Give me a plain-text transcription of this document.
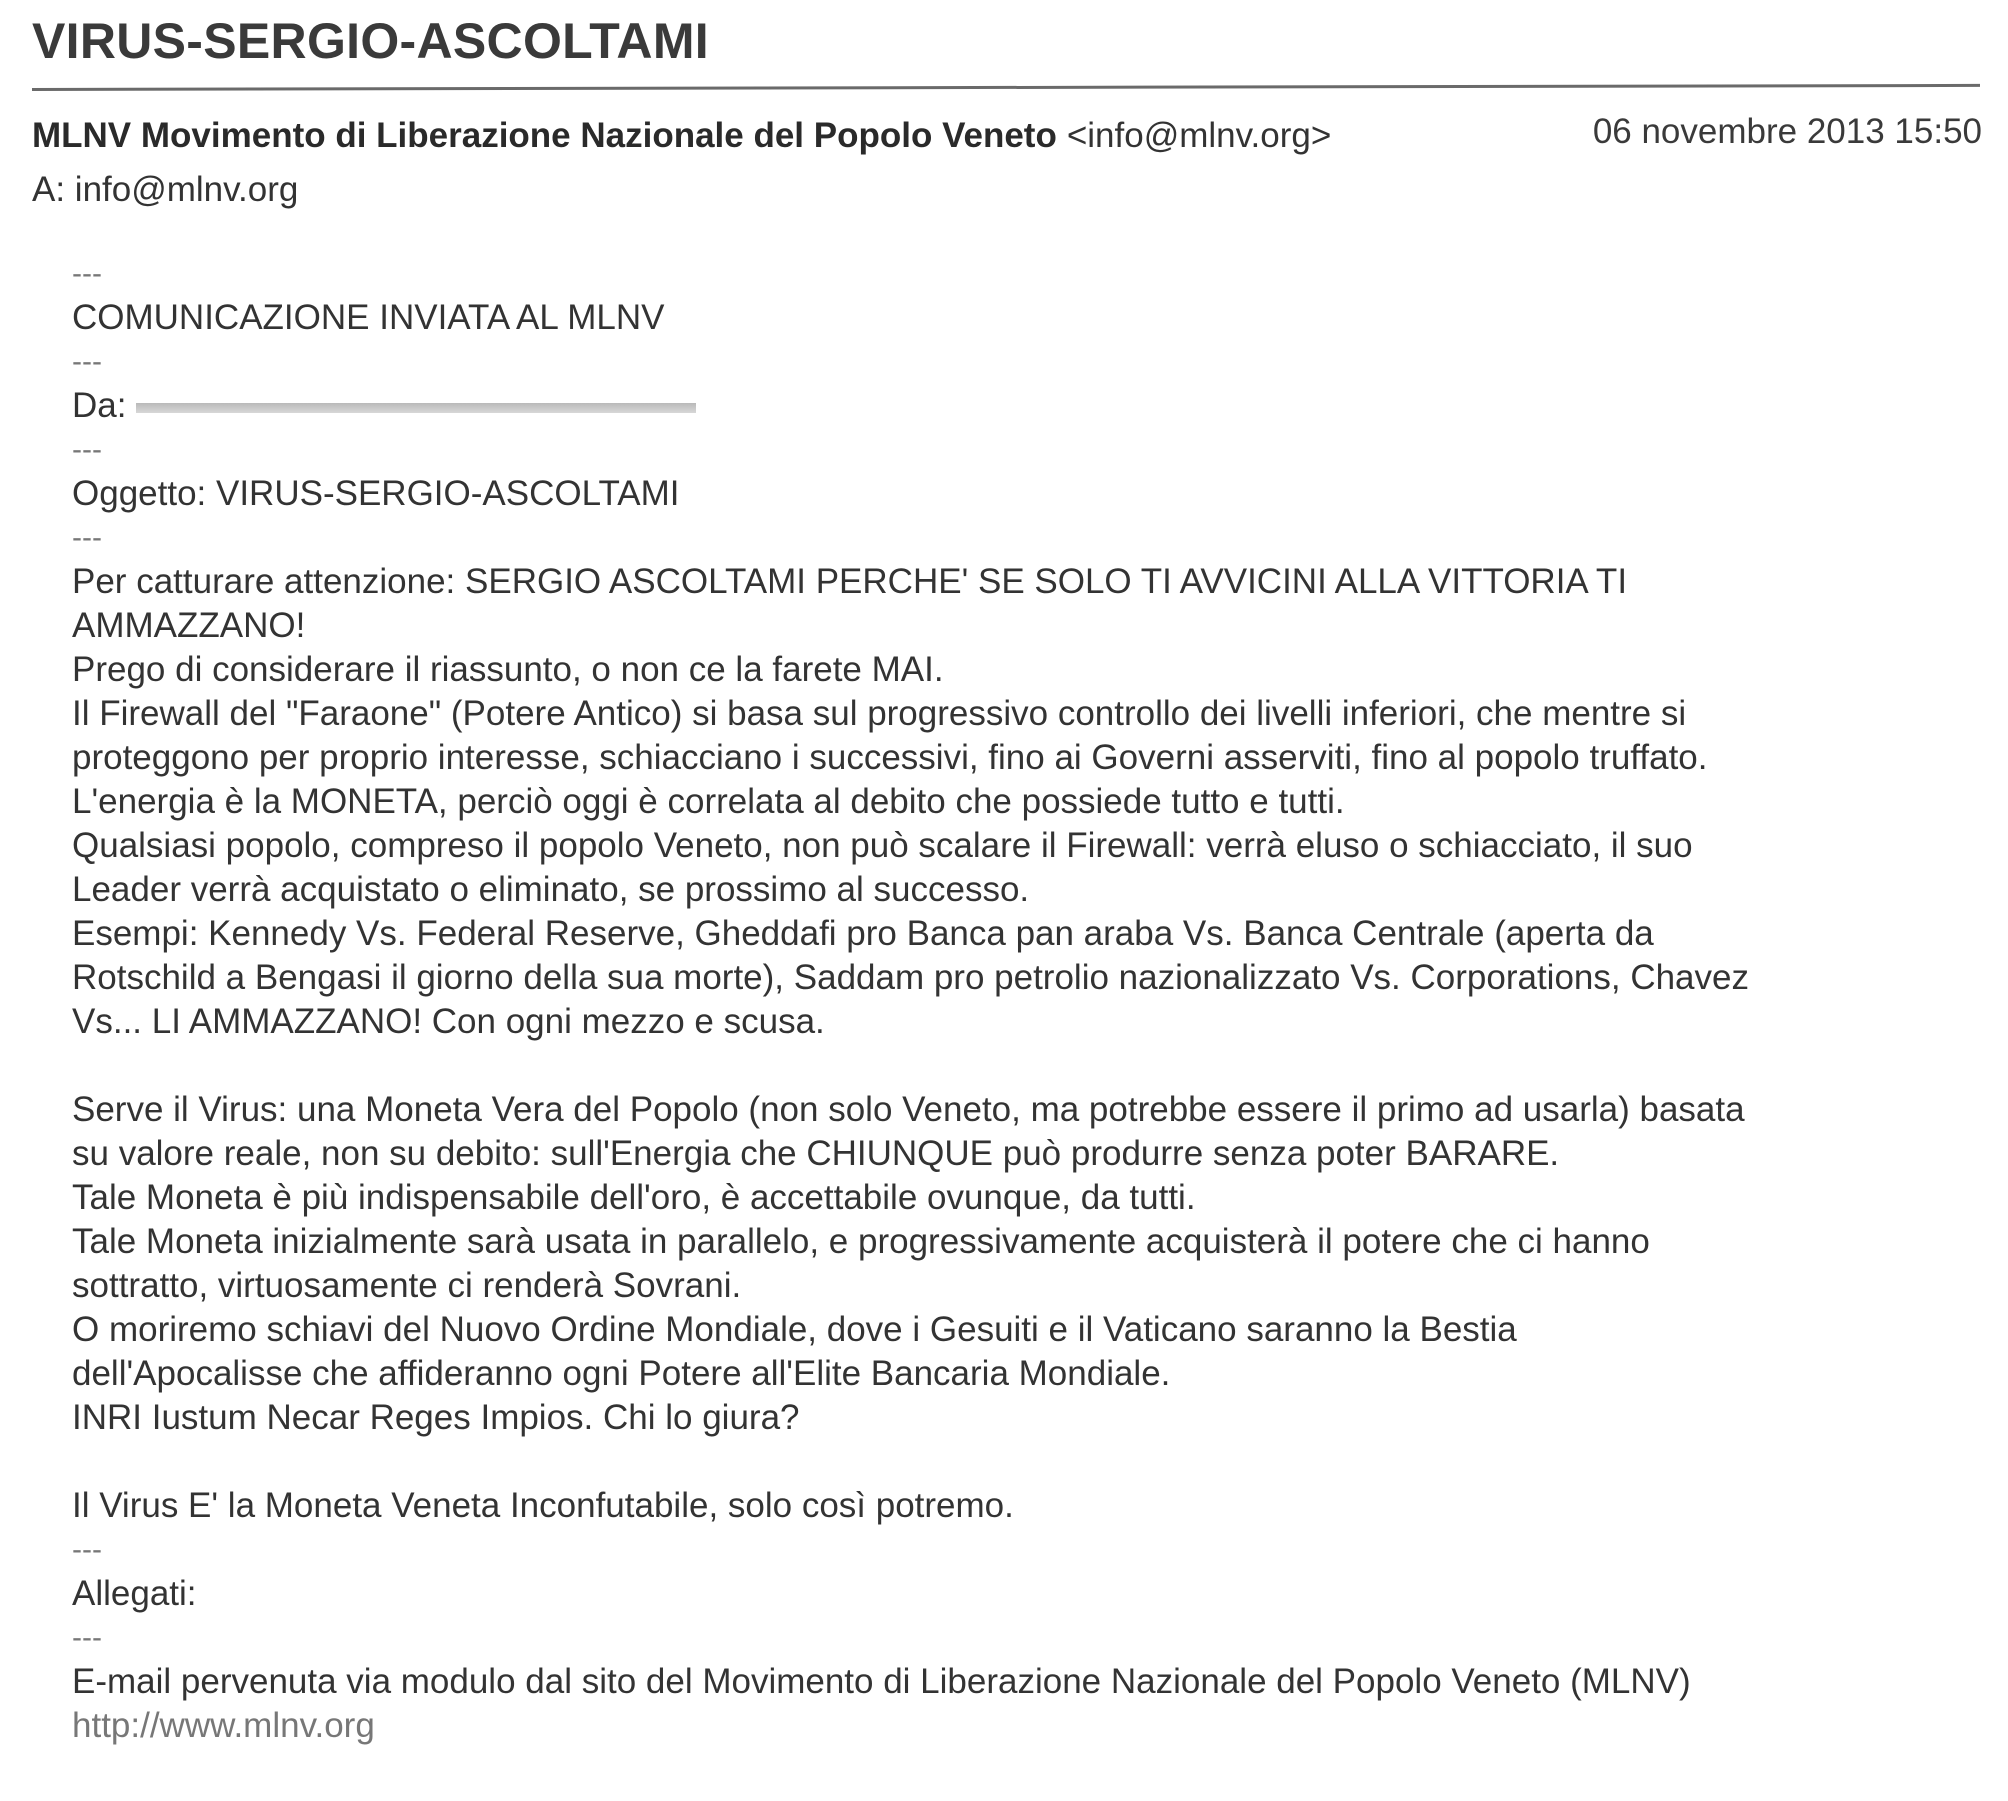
VIRUS-SERGIO-ASCOLTAMI
MLNV Movimento di Liberazione Nazionale del Popolo Veneto <info@mlnv.org>	06 novembre 2013 15:50
A: info@mlnv.org
---
COMUNICAZIONE INVIATA AL MLNV
---
Da:
---
Oggetto: VIRUS-SERGIO-ASCOLTAMI
---
Per catturare attenzione: SERGIO ASCOLTAMI PERCHE' SE SOLO TI AVVICINI ALLA VITTORIA TI
AMMAZZANO!
Prego di considerare il riassunto, o non ce la farete MAI.
Il Firewall del "Faraone" (Potere Antico) si basa sul progressivo controllo dei livelli inferiori, che mentre si
proteggono per proprio interesse, schiacciano i successivi, fino ai Governi asserviti, fino al popolo truffato.
L'energia è la MONETA, perciò oggi è correlata al debito che possiede tutto e tutti.
Qualsiasi popolo, compreso il popolo Veneto, non può scalare il Firewall: verrà eluso o schiacciato, il suo
Leader verrà acquistato o eliminato, se prossimo al successo.
Esempi: Kennedy Vs. Federal Reserve, Gheddafi pro Banca pan araba Vs. Banca Centrale (aperta da
Rotschild a Bengasi il giorno della sua morte), Saddam pro petrolio nazionalizzato Vs. Corporations, Chavez
Vs... LI AMMAZZANO! Con ogni mezzo e scusa.
Serve il Virus: una Moneta Vera del Popolo (non solo Veneto, ma potrebbe essere il primo ad usarla) basata
su valore reale, non su debito: sull'Energia che CHIUNQUE può produrre senza poter BARARE.
Tale Moneta è più indispensabile dell'oro, è accettabile ovunque, da tutti.
Tale Moneta inizialmente sarà usata in parallelo, e progressivamente acquisterà il potere che ci hanno
sottratto, virtuosamente ci renderà Sovrani.
O moriremo schiavi del Nuovo Ordine Mondiale, dove i Gesuiti e il Vaticano saranno la Bestia
dell'Apocalisse che affideranno ogni Potere all'Elite Bancaria Mondiale.
INRI Iustum Necar Reges Impios. Chi lo giura?
Il Virus E' la Moneta Veneta Inconfutabile, solo così potremo.
---
Allegati:
---
E-mail pervenuta via modulo dal sito del Movimento di Liberazione Nazionale del Popolo Veneto (MLNV)
http://www.mlnv.org
